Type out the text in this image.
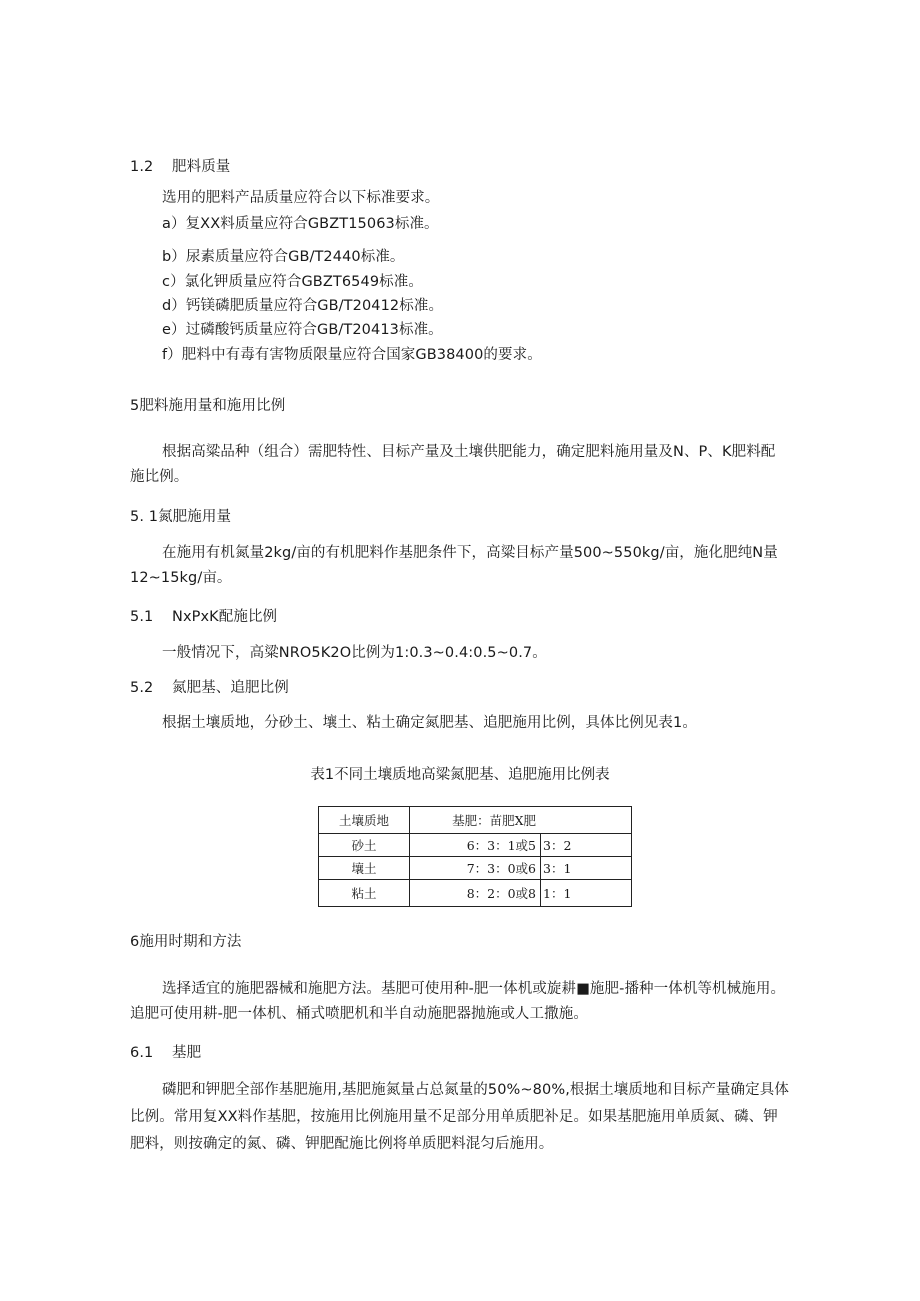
1.2 肥料质量
选用的肥料产品质量应符合以下标准要求。
a）复XX料质量应符合GBZT15063标准。
b）尿素质量应符合GB/T2440标准。
c）氯化钾质量应符合GBZT6549标准。
d）钙镁磷肥质量应符合GB/T20412标准。
e）过磷酸钙质量应符合GB/T20413标准。
f）肥料中有毒有害物质限量应符合国家GB38400的要求。
5肥料施用量和施用比例
根据高粱品种（组合）需肥特性、目标产量及土壤供肥能力，确定肥料施用量及N、P、K肥料配
施比例。
5. 1氮肥施用量
在施用有机氮量2kg∕亩的有机肥料作基肥条件下，高粱目标产量500~550kg∕亩，施化肥纯N量
12~15kg/亩。
5.1 NxPxK配施比例
一般情况下，高粱NRO5K2O比例为1:0.3~0.4:0.5~0.7。
5.2 氮肥基、追肥比例
根据土壤质地，分砂土、壤土、粘土确定氮肥基、追肥施用比例，具体比例见表1。
表1不同土壤质地高粱氮肥基、追肥施用比例表
土壤质地	基肥：苗肥X肥	
砂土	6：3：1或5	3：2
壤土	7：3：0或6	3：1
粘土	8：2：0或8	1：1
6施用时期和方法
选择适宜的施肥器械和施肥方法。基肥可使用种-肥一体机或旋耕■施肥-播种一体机等机械施用。
追肥可使用耕-肥一体机、桶式喷肥机和半自动施肥器抛施或人工撒施。
6.1 基肥
磷肥和钾肥全部作基肥施用,基肥施氮量占总氮量的50%~80%,根据土壤质地和目标产量确定具体
比例。常用复XX料作基肥，按施用比例施用量不足部分用单质肥补足。如果基肥施用单质氮、磷、钾
肥料，则按确定的氮、磷、钾肥配施比例将单质肥料混匀后施用。
